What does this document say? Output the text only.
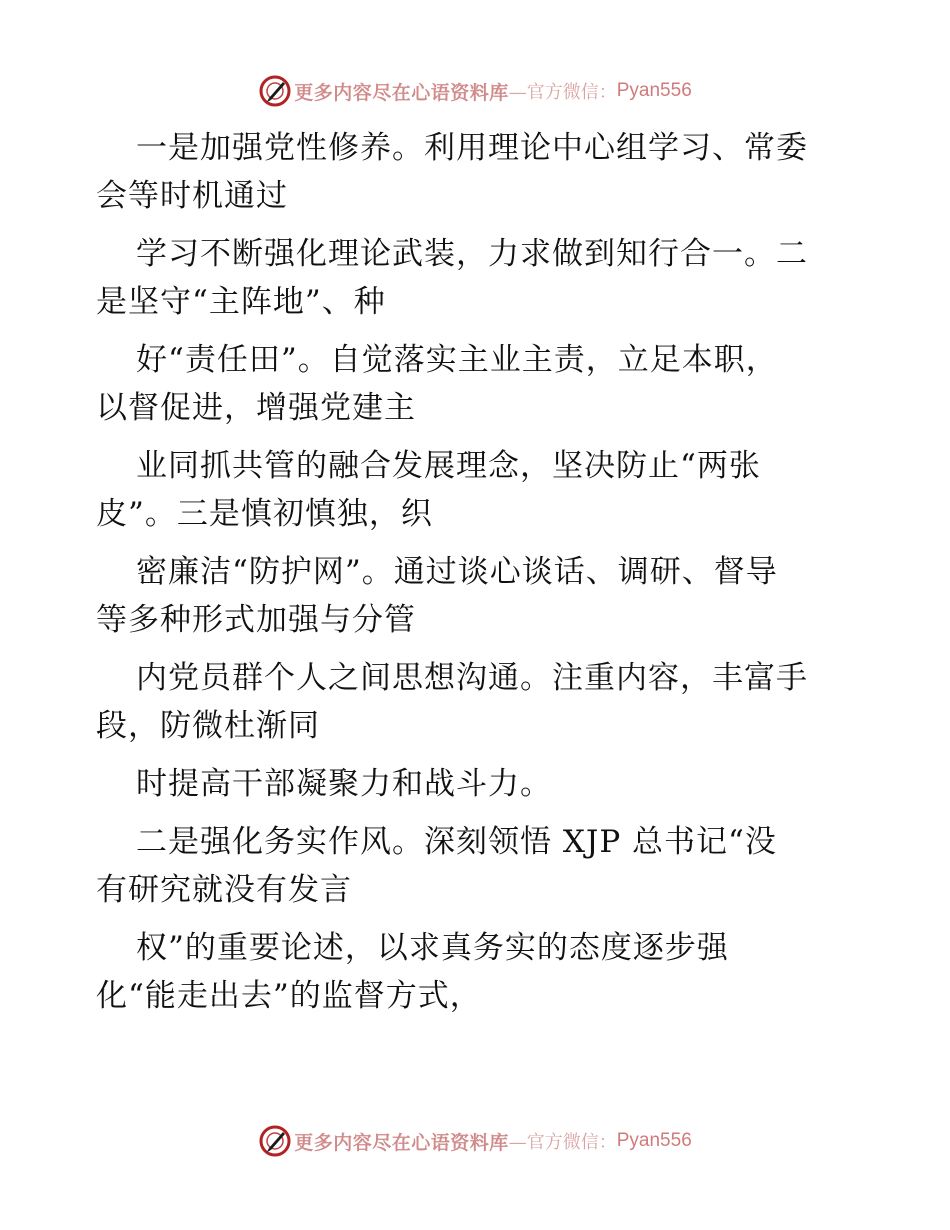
更多内容尽在心语资料库 —官方微信： Pyan556
一是加强党性修养。利用理论中心组学习、常委
会等时机通过
学习不断强化理论武装，力求做到知行合一。二
是坚守“主阵地”、种
好“责任田”。自觉落实主业主责，立足本职，
以督促进，增强党建主
业同抓共管的融合发展理念，坚决防止“两张
皮”。三是慎初慎独，织
密廉洁“防护网”。通过谈心谈话、调研、督导
等多种形式加强与分管
内党员群个人之间思想沟通。注重内容，丰富手
段，防微杜渐同
时提高干部凝聚力和战斗力。
二是强化务实作风。深刻领悟 XJP 总书记“没
有研究就没有发言
权”的重要论述，以求真务实的态度逐步强
化“能走出去”的监督方式，
更多内容尽在心语资料库 —官方微信： Pyan556
